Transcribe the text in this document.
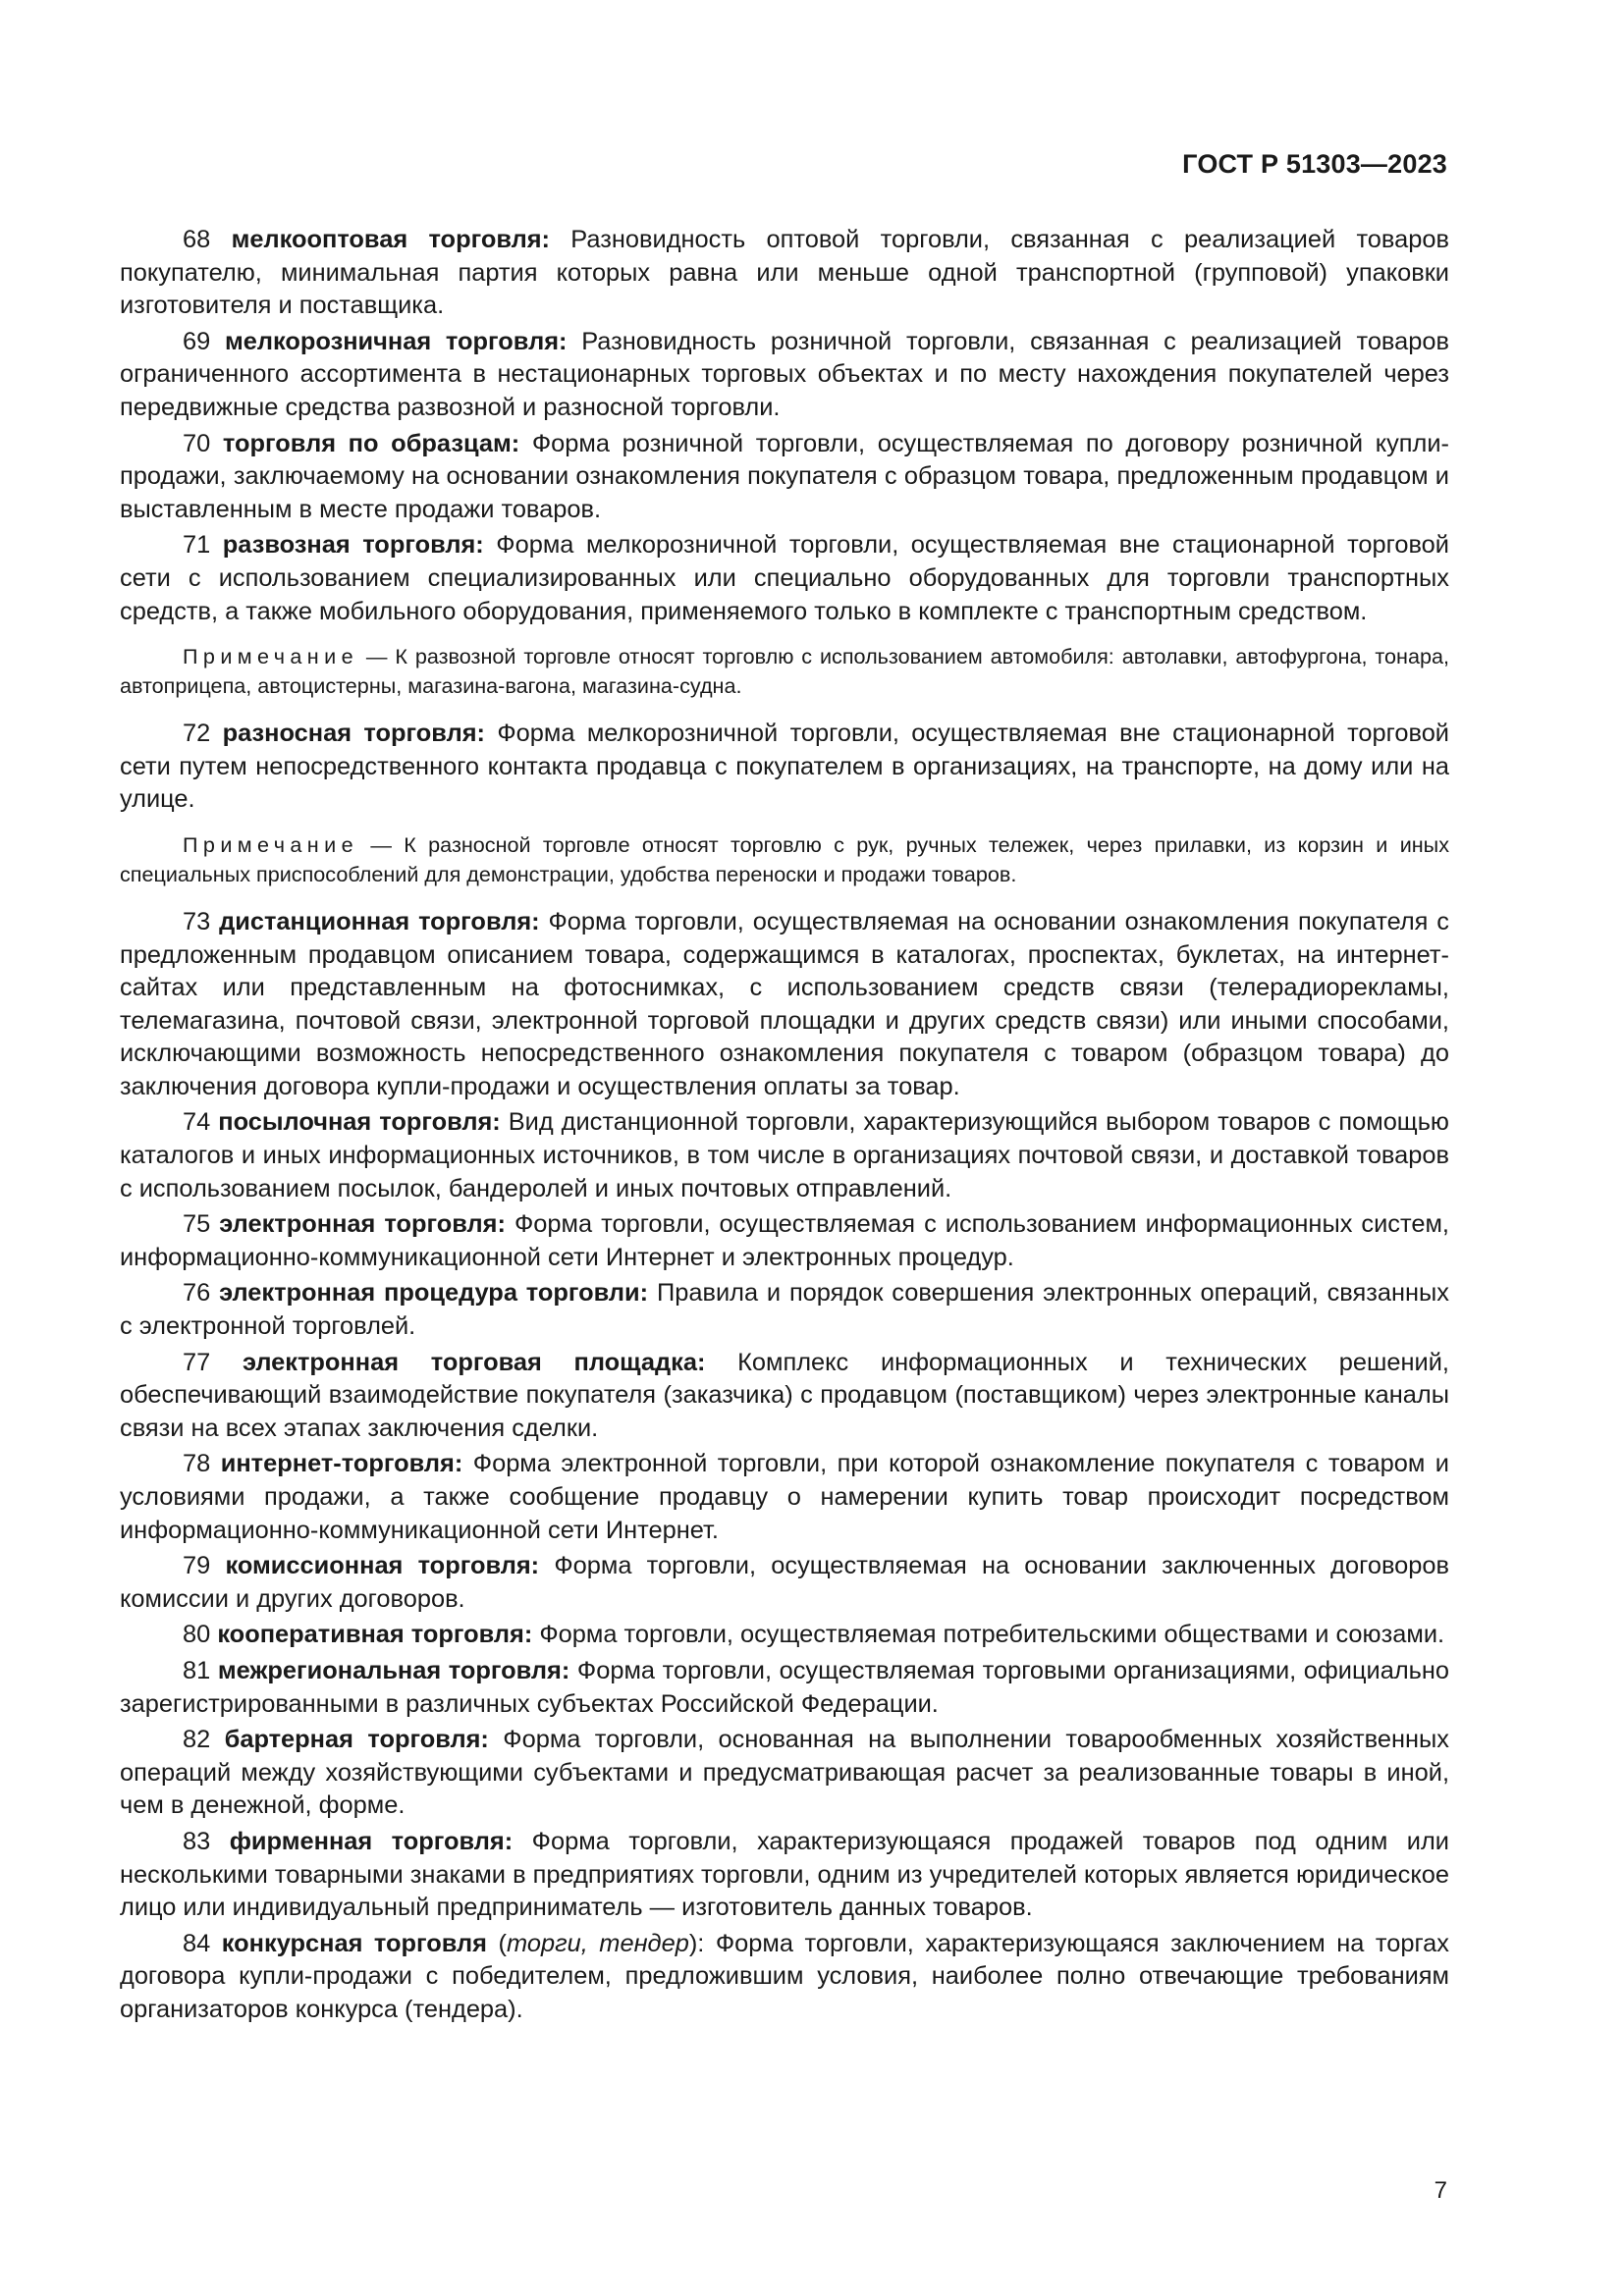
ГОСТ Р 51303—2023

68 мелкооптовая торговля: Разновидность оптовой торговли, связанная с реализацией товаров покупателю, минимальная партия которых равна или меньше одной транспортной (групповой) упаковки изготовителя и поставщика.

69 мелкорозничная торговля: Разновидность розничной торговли, связанная с реализацией товаров ограниченного ассортимента в нестационарных торговых объектах и по месту нахождения покупателей через передвижные средства развозной и разносной торговли.

70 торговля по образцам: Форма розничной торговли, осуществляемая по договору розничной купли-продажи, заключаемому на основании ознакомления покупателя с образцом товара, предложенным продавцом и выставленным в месте продажи товаров.

71 развозная торговля: Форма мелкорозничной торговли, осуществляемая вне стационарной торговой сети с использованием специализированных или специально оборудованных для торговли транспортных средств, а также мобильного оборудования, применяемого только в комплекте с транспортным средством.

Примечание — К развозной торговле относят торговлю с использованием автомобиля: автолавки, автофургона, тонара, автоприцепа, автоцистерны, магазина-вагона, магазина-судна.

72 разносная торговля: Форма мелкорозничной торговли, осуществляемая вне стационарной торговой сети путем непосредственного контакта продавца с покупателем в организациях, на транспорте, на дому или на улице.

Примечание — К разносной торговле относят торговлю с рук, ручных тележек, через прилавки, из корзин и иных специальных приспособлений для демонстрации, удобства переноски и продажи товаров.

73 дистанционная торговля: Форма торговли, осуществляемая на основании ознакомления покупателя с предложенным продавцом описанием товара, содержащимся в каталогах, проспектах, буклетах, на интернет-сайтах или представленным на фотоснимках, с использованием средств связи (телерадиорекламы, телемагазина, почтовой связи, электронной торговой площадки и других средств связи) или иными способами, исключающими возможность непосредственного ознакомления покупателя с товаром (образцом товара) до заключения договора купли-продажи и осуществления оплаты за товар.

74 посылочная торговля: Вид дистанционной торговли, характеризующийся выбором товаров с помощью каталогов и иных информационных источников, в том числе в организациях почтовой связи, и доставкой товаров с использованием посылок, бандеролей и иных почтовых отправлений.

75 электронная торговля: Форма торговли, осуществляемая с использованием информационных систем, информационно-коммуникационной сети Интернет и электронных процедур.

76 электронная процедура торговли: Правила и порядок совершения электронных операций, связанных с электронной торговлей.

77 электронная торговая площадка: Комплекс информационных и технических решений, обеспечивающий взаимодействие покупателя (заказчика) с продавцом (поставщиком) через электронные каналы связи на всех этапах заключения сделки.

78 интернет-торговля: Форма электронной торговли, при которой ознакомление покупателя с товаром и условиями продажи, а также сообщение продавцу о намерении купить товар происходит посредством информационно-коммуникационной сети Интернет.

79 комиссионная торговля: Форма торговли, осуществляемая на основании заключенных договоров комиссии и других договоров.

80 кооперативная торговля: Форма торговли, осуществляемая потребительскими обществами и союзами.

81 межрегиональная торговля: Форма торговли, осуществляемая торговыми организациями, официально зарегистрированными в различных субъектах Российской Федерации.

82 бартерная торговля: Форма торговли, основанная на выполнении товарообменных хозяйственных операций между хозяйствующими субъектами и предусматривающая расчет за реализованные товары в иной, чем в денежной, форме.

83 фирменная торговля: Форма торговли, характеризующаяся продажей товаров под одним или несколькими товарными знаками в предприятиях торговли, одним из учредителей которых является юридическое лицо или индивидуальный предприниматель — изготовитель данных товаров.

84 конкурсная торговля (торги, тендер): Форма торговли, характеризующаяся заключением на торгах договора купли-продажи с победителем, предложившим условия, наиболее полно отвечающие требованиям организаторов конкурса (тендера).

7
